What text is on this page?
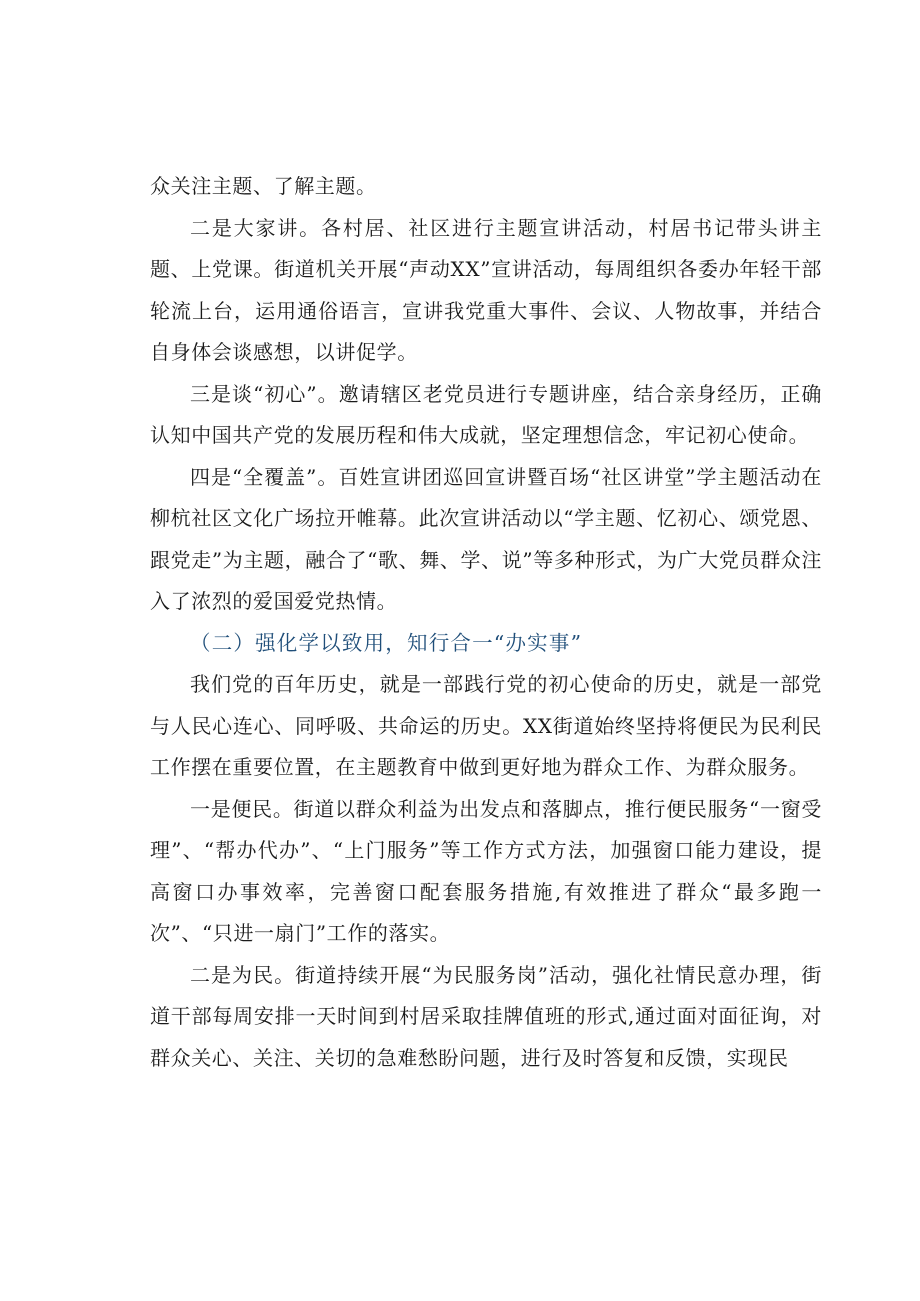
众关注主题、了解主题。

二是大家讲。各村居、社区进行主题宣讲活动，村居书记带头讲主题、上党课。街道机关开展“声动XX”宣讲活动，每周组织各委办年轻干部轮流上台，运用通俗语言，宣讲我党重大事件、会议、人物故事，并结合自身体会谈感想，以讲促学。

三是谈“初心”。邀请辖区老党员进行专题讲座，结合亲身经历，正确认知中国共产党的发展历程和伟大成就，坚定理想信念，牢记初心使命。

四是“全覆盖”。百姓宣讲团巡回宣讲暨百场“社区讲堂”学主题活动在柳杭社区文化广场拉开帷幕。此次宣讲活动以“学主题、忆初心、颂党恩、跟党走”为主题，融合了“歌、舞、学、说”等多种形式，为广大党员群众注入了浓烈的爱国爱党热情。

（二）强化学以致用，知行合一“办实事”

我们党的百年历史，就是一部践行党的初心使命的历史，就是一部党与人民心连心、同呼吸、共命运的历史。XX街道始终坚持将便民为民利民工作摆在重要位置，在主题教育中做到更好地为群众工作、为群众服务。

一是便民。街道以群众利益为出发点和落脚点，推行便民服务“一窗受理”、“帮办代办”、“上门服务”等工作方式方法，加强窗口能力建设，提高窗口办事效率，完善窗口配套服务措施,有效推进了群众“最多跑一次”、“只进一扇门”工作的落实。

二是为民。街道持续开展“为民服务岗”活动，强化社情民意办理，街道干部每周安排一天时间到村居采取挂牌值班的形式,通过面对面征询，对群众关心、关注、关切的急难愁盼问题，进行及时答复和反馈，实现民
